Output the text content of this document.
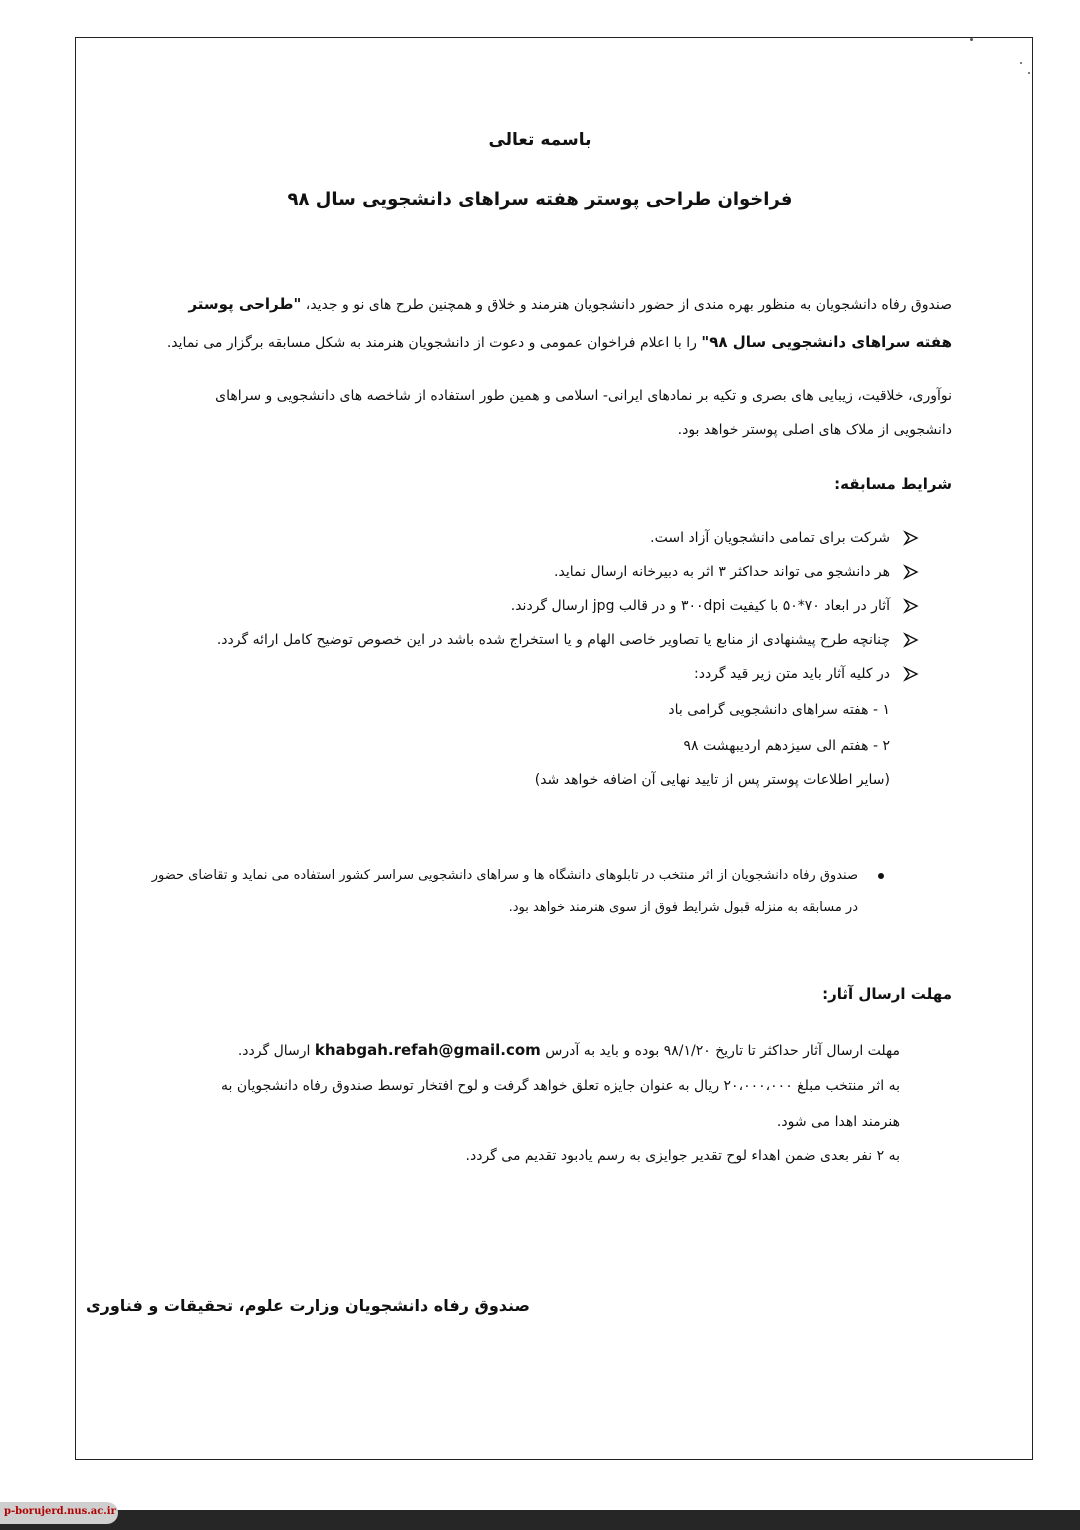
باسمه تعالی
فراخوان طراحی پوستر هفته سراهای دانشجویی سال ۹۸
صندوق رفاه دانشجویان به منظور بهره مندی از حضور دانشجویان هنرمند و خلاق و همچنین طرح های نو و جدید، "طراحی پوستر
هفته سراهای دانشجویی سال ۹۸" را با اعلام فراخوان عمومی و دعوت از دانشجویان هنرمند به شکل مسابقه برگزار می نماید.
نوآوری، خلاقیت، زیبایی های بصری و تکیه بر نمادهای ایرانی- اسلامی و همین طور استفاده از شاخصه های دانشجویی و سراهای
دانشجویی از ملاک های اصلی پوستر خواهد بود.
شرایط مسابقه:
شرکت برای تمامی دانشجویان آزاد است.
هر دانشجو می تواند حداکثر ۳ اثر به دبیرخانه ارسال نماید.
آثار در ابعاد ۷۰*۵۰ با کیفیت ۳۰۰dpi و در قالب jpg ارسال گردند.
چنانچه طرح پیشنهادی از منابع یا تصاویر خاصی الهام و یا استخراج شده باشد در این خصوص توضیح کامل ارائه گردد.
در کلیه آثار باید متن زیر قید گردد:
۱ - هفته سراهای دانشجویی گرامی باد
۲ - هفتم الی سیزدهم اردیبهشت ۹۸
(سایر اطلاعات پوستر پس از تایید نهایی آن اضافه خواهد شد)
صندوق رفاه دانشجویان از اثر منتخب در تابلوهای دانشگاه ها و سراهای دانشجویی سراسر کشور استفاده می نماید و تقاضای حضور
در مسابقه به منزله قبول شرایط فوق از سوی هنرمند خواهد بود.
مهلت ارسال آثار:
مهلت ارسال آثار حداکثر تا تاریخ ۹۸/۱/۲۰ بوده و باید به آدرس khabgah.refah@gmail.com ارسال گردد.
به اثر منتخب مبلغ ۲۰،۰۰۰،۰۰۰ ریال به عنوان جایزه تعلق خواهد گرفت و لوح افتخار توسط صندوق رفاه دانشجویان به
هنرمند اهدا می شود.
به ۲ نفر بعدی ضمن اهداء لوح تقدیر جوایزی به رسم یادبود تقدیم می گردد.
صندوق رفاه دانشجویان وزارت علوم، تحقیقات و فناوری
p-borujerd.nus.ac.ir
